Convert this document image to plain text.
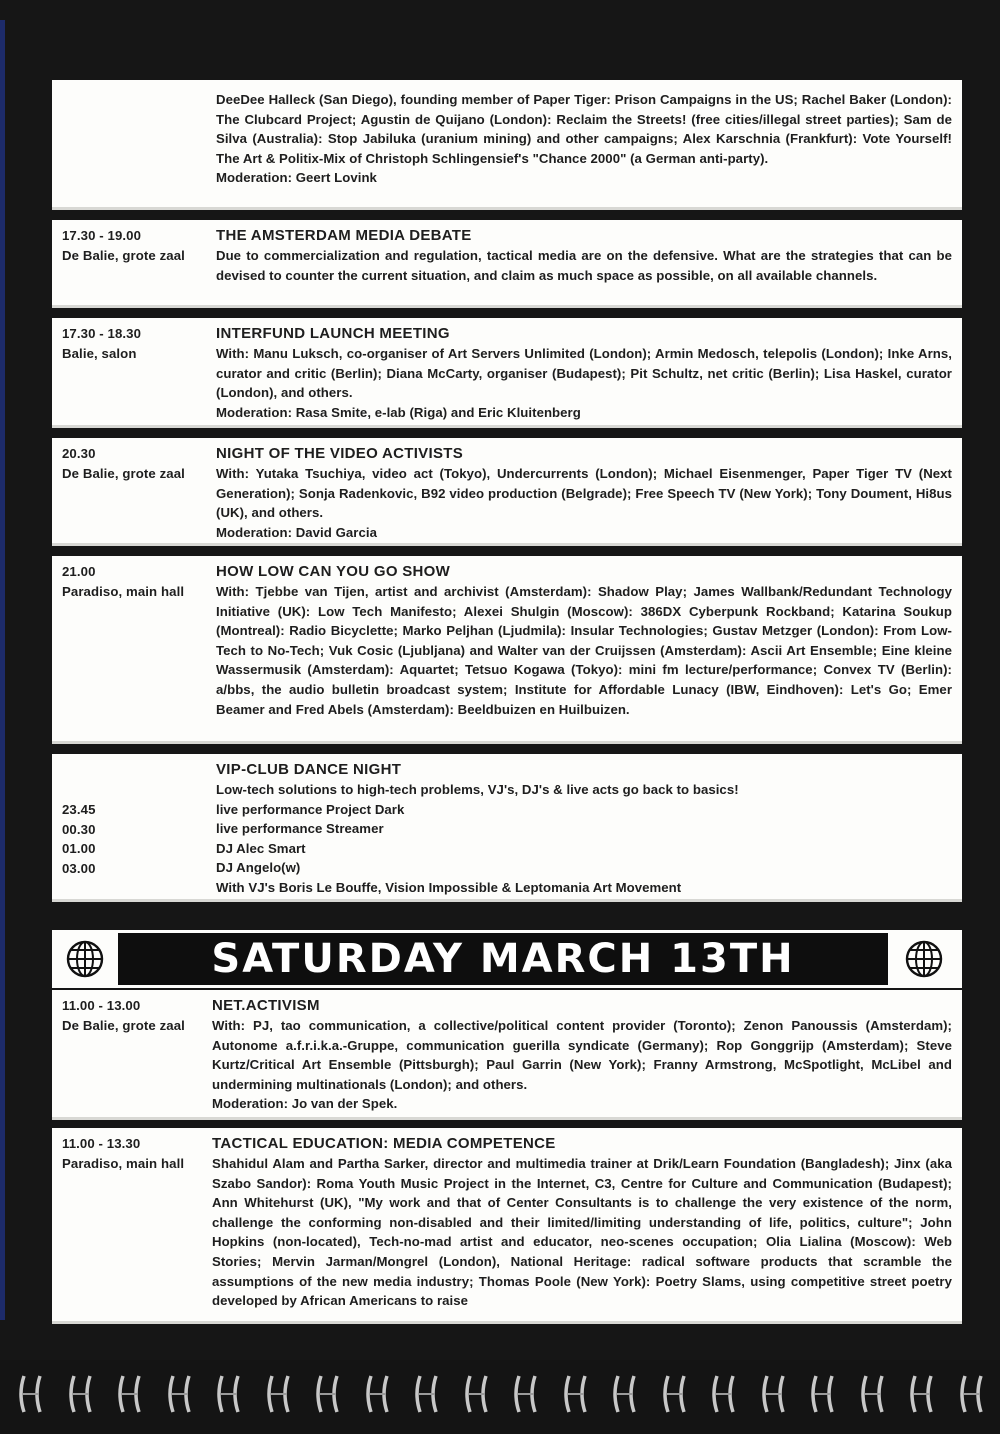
DeeDee Halleck (San Diego), founding member of Paper Tiger: Prison Campaigns in the US; Rachel Baker (London): The Clubcard Project; Agustin de Quijano (London): Reclaim the Streets! (free cities/illegal street parties); Sam de Silva (Australia): Stop Jabiluka (uranium mining) and other campaigns; Alex Karschnia (Frankfurt): Vote Yourself! The Art & Politix-Mix of Christoph Schlingensief's "Chance 2000" (a German anti-party).
Moderation: Geert Lovink
17.30 - 19.00
De Balie, grote zaal
THE AMSTERDAM MEDIA DEBATE
Due to commercialization and regulation, tactical media are on the defensive. What are the strategies that can be devised to counter the current situation, and claim as much space as possible, on all available channels.
17.30 - 18.30
Balie, salon
INTERFUND LAUNCH MEETING
With: Manu Luksch, co-organiser of Art Servers Unlimited (London); Armin Medosch, telepolis (London); Inke Arns, curator and critic (Berlin); Diana McCarty, organiser (Budapest); Pit Schultz, net critic (Berlin); Lisa Haskel, curator (London), and others.
Moderation: Rasa Smite, e-lab (Riga) and Eric Kluitenberg
20.30
De Balie, grote zaal
NIGHT OF THE VIDEO ACTIVISTS
With: Yutaka Tsuchiya, video act (Tokyo), Undercurrents (London); Michael Eisenmenger, Paper Tiger TV (Next Generation); Sonja Radenkovic, B92 video production (Belgrade); Free Speech TV (New York); Tony Doument, Hi8us (UK), and others.
Moderation: David Garcia
21.00
Paradiso, main hall
HOW LOW CAN YOU GO SHOW
With: Tjebbe van Tijen, artist and archivist (Amsterdam): Shadow Play; James Wallbank/Redundant Technology Initiative (UK): Low Tech Manifesto; Alexei Shulgin (Moscow): 386DX Cyberpunk Rockband; Katarina Soukup (Montreal): Radio Bicyclette; Marko Peljhan (Ljudmila): Insular Technologies; Gustav Metzger (London): From Low-Tech to No-Tech; Vuk Cosic (Ljubljana) and Walter van der Cruijssen (Amsterdam): Ascii Art Ensemble; Eine kleine Wassermusik (Amsterdam): Aquartet; Tetsuo Kogawa (Tokyo): mini fm lecture/performance; Convex TV (Berlin): a/bbs, the audio bulletin broadcast system; Institute for Affordable Lunacy (IBW, Eindhoven): Let's Go; Emer Beamer and Fred Abels (Amsterdam): Beeldbuizen en Huilbuizen.
23.45
00.30
01.00
03.00
VIP-CLUB DANCE NIGHT
Low-tech solutions to high-tech problems, VJ's, DJ's & live acts go back to basics!
live performance Project Dark
live performance Streamer
DJ Alec Smart
DJ Angelo(w)
With VJ's Boris Le Bouffe, Vision Impossible & Leptomania Art Movement
SATURDAY MARCH 13TH
11.00 - 13.00
De Balie, grote zaal
NET.ACTIVISM
With: PJ, tao communication, a collective/political content provider (Toronto); Zenon Panoussis (Amsterdam); Autonome a.f.r.i.k.a.-Gruppe, communication guerilla syndicate (Germany); Rop Gonggrijp (Amsterdam); Steve Kurtz/Critical Art Ensemble (Pittsburgh); Paul Garrin (New York); Franny Armstrong, McSpotlight, McLibel and undermining multinationals (London); and others.
Moderation: Jo van der Spek.
11.00 - 13.30
Paradiso, main hall
TACTICAL EDUCATION: MEDIA COMPETENCE
Shahidul Alam and Partha Sarker, director and multimedia trainer at Drik/Learn Foundation (Bangladesh); Jinx (aka Szabo Sandor): Roma Youth Music Project in the Internet, C3, Centre for Culture and Communication (Budapest); Ann Whitehurst (UK), "My work and that of Center Consultants is to challenge the very existence of the norm, challenge the conforming non-disabled and their limited/limiting understanding of life, politics, culture"; John Hopkins (non-located), Tech-no-mad artist and educator, neo-scenes occupation; Olia Lialina (Moscow): Web Stories; Mervin Jarman/Mongrel (London), National Heritage: radical software products that scramble the assumptions of the new media industry; Thomas Poole (New York): Poetry Slams, using competitive street poetry developed by African Americans to raise
